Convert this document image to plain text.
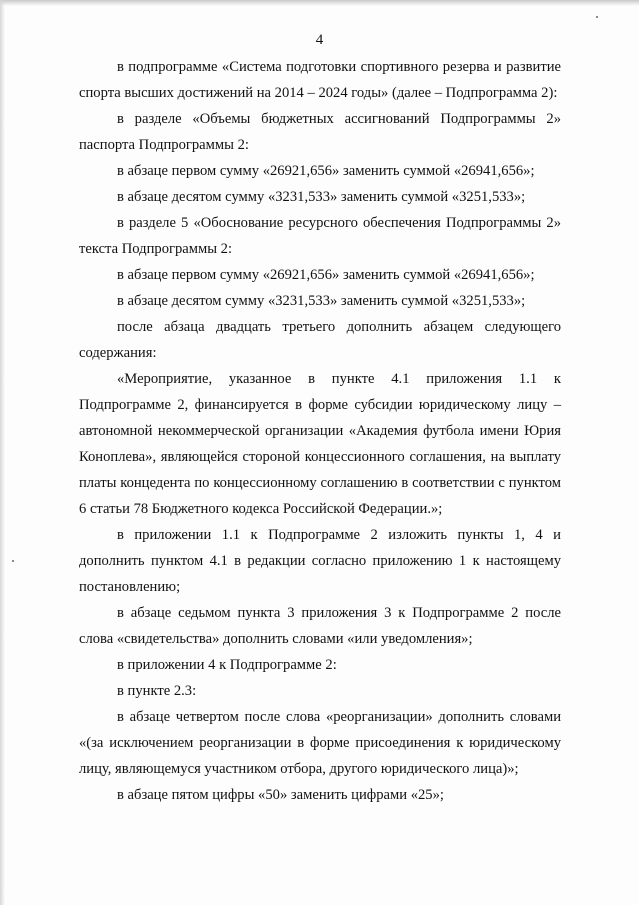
4

в подпрограмме «Система подготовки спортивного резерва и развитие спорта высших достижений на 2014 – 2024 годы» (далее – Подпрограмма 2):

в разделе «Объемы бюджетных ассигнований Подпрограммы 2» паспорта Подпрограммы 2:

в абзаце первом сумму «26921,656» заменить суммой «26941,656»;

в абзаце десятом сумму «3231,533» заменить суммой «3251,533»;

в разделе 5 «Обоснование ресурсного обеспечения Подпрограммы 2» текста Подпрограммы 2:

в абзаце первом сумму «26921,656» заменить суммой «26941,656»;

в абзаце десятом сумму «3231,533» заменить суммой «3251,533»;

после абзаца двадцать третьего дополнить абзацем следующего содержания:

«Мероприятие, указанное в пункте 4.1 приложения 1.1 к Подпрограмме 2, финансируется в форме субсидии юридическому лицу – автономной некоммерческой организации «Академия футбола имени Юрия Коноплева», являющейся стороной концессионного соглашения, на выплату платы концедента по концессионному соглашению в соответствии с пунктом 6 статьи 78 Бюджетного кодекса Российской Федерации.»;

в приложении 1.1 к Подпрограмме 2 изложить пункты 1, 4 и дополнить пунктом 4.1 в редакции согласно приложению 1 к настоящему постановлению;

в абзаце седьмом пункта 3 приложения 3 к Подпрограмме 2 после слова «свидетельства» дополнить словами «или уведомления»;

в приложении 4 к Подпрограмме 2:

в пункте 2.3:

в абзаце четвертом после слова «реорганизации» дополнить словами «(за исключением реорганизации в форме присоединения к юридическому лицу, являющемуся участником отбора, другого юридического лица)»;

в абзаце пятом цифры «50» заменить цифрами «25»;
